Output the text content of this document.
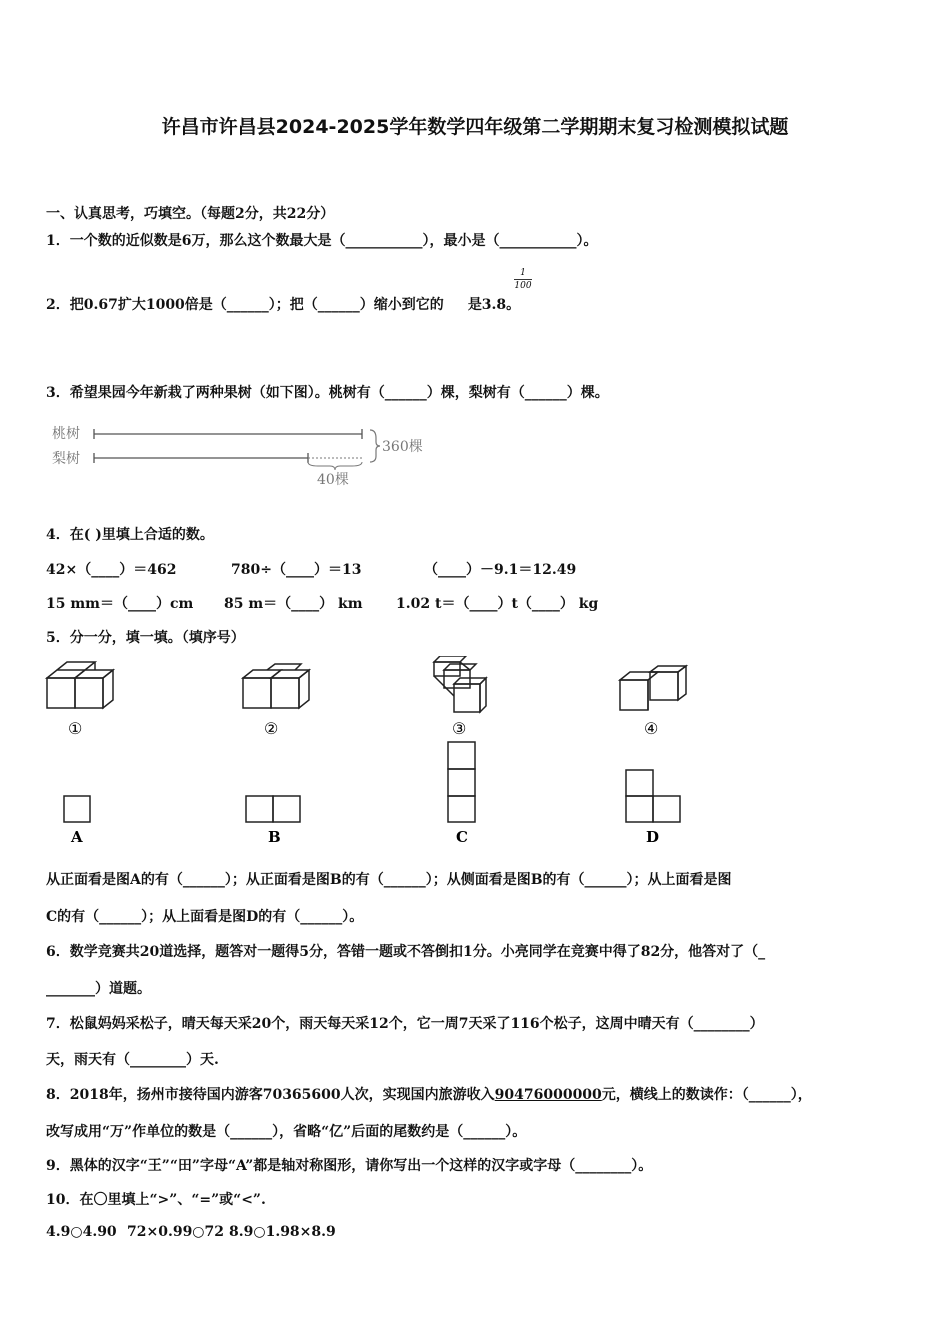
许昌市许昌县2024-2025学年数学四年级第二学期期末复习检测模拟试题
一、认真思考，巧填空。（每题2分，共22分）
1．一个数的近似数是6万，那么这个数最大是（___________），最小是（___________）。
2．把0.67扩大1000倍是（______）；把（______）缩小到它的 是3.8。
1
100
3．希望果园今年新栽了两种果树（如下图）。桃树有（______）棵，梨树有（______）棵。
桃树
梨树
360棵
40棵
4．在( )里填上合适的数。
42×（____）＝462	780÷（____）＝13	（____）－9.1＝12.49
15 mm＝（____）cm 85 m＝（____） km 1.02 t＝（____）t（____） kg
5．分一分，填一填。（填序号）
①	②	③	④
A	B	C	D
从正面看是图A的有（______）；从正面看是图B的有（______）；从侧面看是图B的有（______）；从上面看是图
C的有（______）；从上面看是图D的有（______）。
6．数学竞赛共20道选择，题答对一题得5分，答错一题或不答倒扣1分。小亮同学在竞赛中得了82分，他答对了（_
_______）道题。
7．松鼠妈妈采松子，晴天每天采20个，雨天每天采12个，它一周7天采了116个松子，这周中晴天有（________）
天，雨天有（________）天.
8．2018年，扬州市接待国内游客70365600人次，实现国内旅游收入90476000000元，横线上的数读作：（______），
改写成用“万”作单位的数是（______），省略“亿”后面的尾数约是（______）。
9．黑体的汉字“王”“田”字母“A”都是轴对称图形，请你写出一个这样的汉字或字母（________）。
10．在〇里填上“>”、“=”或“<”.
4.9○4.90 72×0.99○72 8.9○1.98×8.9
